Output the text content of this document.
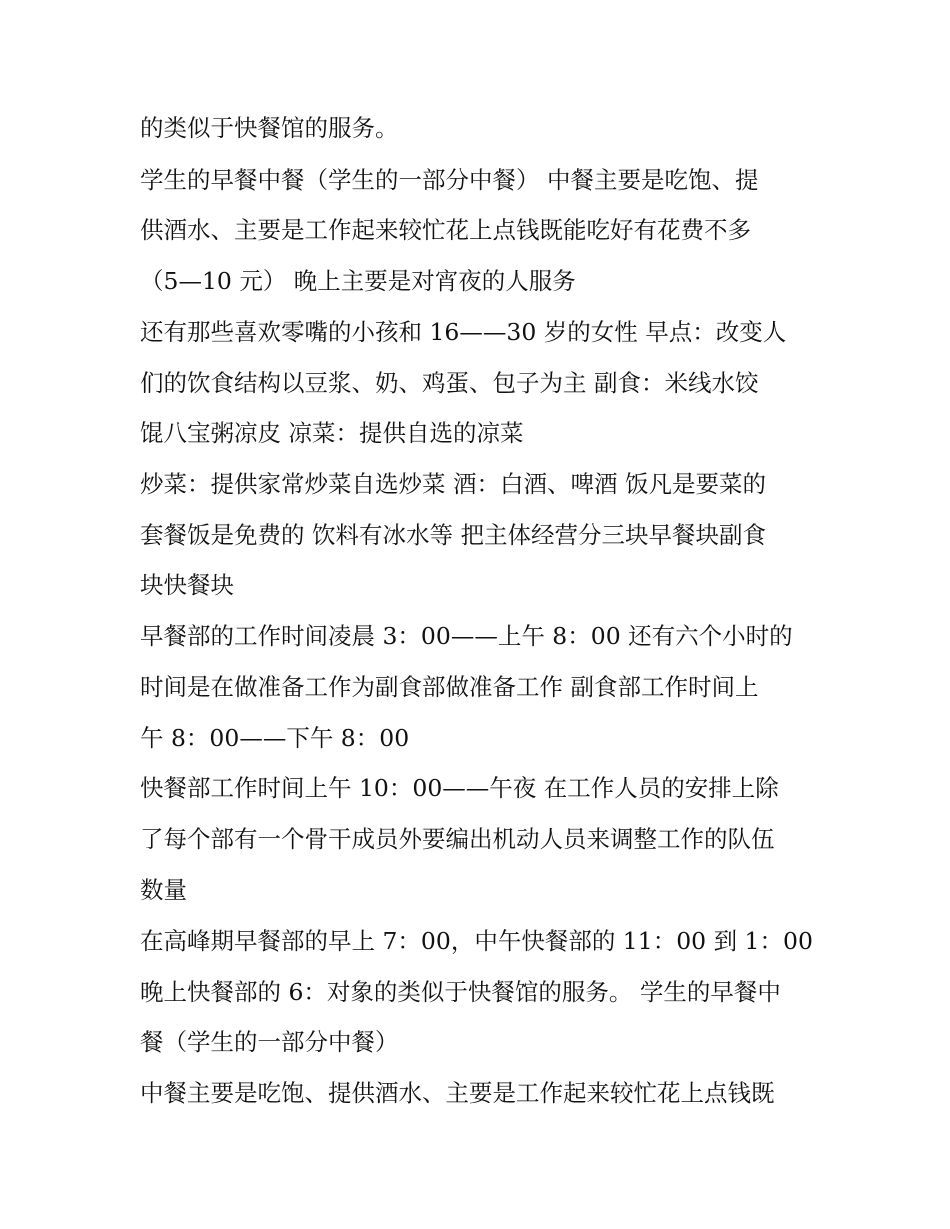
的类似于快餐馆的服务。
学生的早餐中餐（学生的一部分中餐） 中餐主要是吃饱、提
供酒水、主要是工作起来较忙花上点钱既能吃好有花费不多
（5—10 元） 晚上主要是对宵夜的人服务
还有那些喜欢零嘴的小孩和 16——30 岁的女性 早点：改变人
们的饮食结构以豆浆、奶、鸡蛋、包子为主 副食：米线水饺
馄八宝粥凉皮 凉菜：提供自选的凉菜
炒菜：提供家常炒菜自选炒菜 酒：白酒、啤酒 饭凡是要菜的
套餐饭是免费的 饮料有冰水等 把主体经营分三块早餐块副食
块快餐块
早餐部的工作时间凌晨 3：00——上午 8：00 还有六个小时的
时间是在做准备工作为副食部做准备工作 副食部工作时间上
午 8：00——下午 8：00
快餐部工作时间上午 10：00——午夜 在工作人员的安排上除
了每个部有一个骨干成员外要编出机动人员来调整工作的队伍
数量
在高峰期早餐部的早上 7：00，中午快餐部的 11：00 到 1：00
晚上快餐部的 6：对象的类似于快餐馆的服务。 学生的早餐中
餐（学生的一部分中餐）
中餐主要是吃饱、提供酒水、主要是工作起来较忙花上点钱既
